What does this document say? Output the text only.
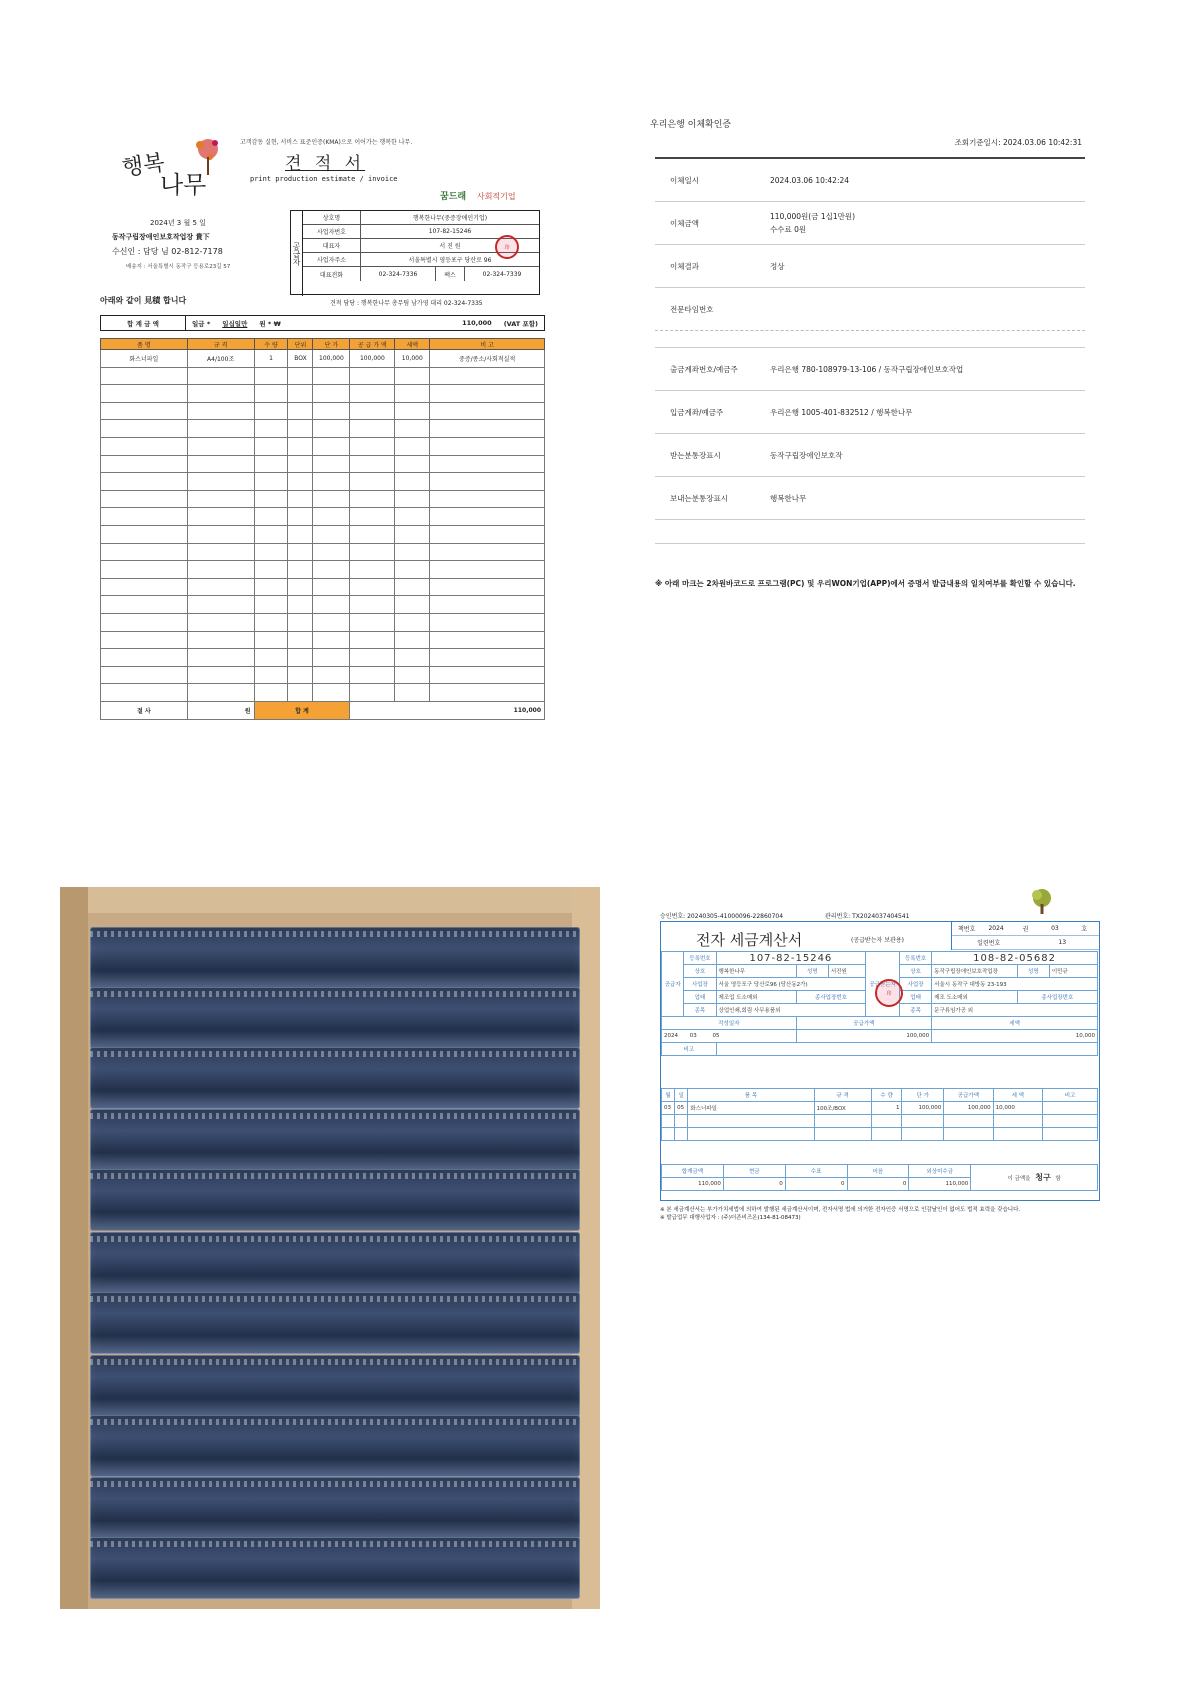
행복
나무
고객감동 실현, 서비스 표준인증(KMA)으로 이어가는 행복한 나무.
견 적 서
print production estimate / invoice
꿈드래 사회적기업
2024년 3 월 5 일
동작구립장애인보호작업장 貴下
수신인 : 담당 님 02-812-7178
배송지 : 서울특별시 동작구 등용로23길 57
아래와 같이 見積 합니다
공급자
상호명	행복한나무(중증장애인기업)
사업자번호	107-82-15246
대표자	서 진 원	印
사업자주소	서울특별시 영등포구 당산로 96
대표전화	02-324-7336	팩스	02-324-7339
견적 담당 : 행복한나무 총무팀 남가영 대리 02-324-7335
합 계 금 액	일금 *	일십일만	원 * ₩	110,000	(VAT 포함)
품 명	규 격	수 량	단위	단 가	공 급 가 액	세액	비 고
화스너파일	A4/100조	1	BOX	100,000	100,000	10,000	중증/종소/사회적실적

절 사	원	합 계			110,000		
우리은행 이체확인증
조회기준일시: 2024.03.06 10:42:31
이체일시	2024.03.06 10:42:24
이체금액
110,000원(금 1십1만원)
수수료 0원
이체결과	정상
전문타임번호
출금계좌번호/예금주	우리은행 780-108979-13-106 / 동작구립장애인보호작업
입금계좌/예금주	우리은행 1005-401-832512 / 행복한나무
받는분통장표시	동작구립장애인보호작
보내는분통장표시	행복한나무
※ 아래 마크는 2차원바코드로 프로그램(PC) 및 우리WON기업(APP)에서 증명서 발급내용의 일치여부를 확인할 수 있습니다.
승인번호: 20240305-41000096-22860704	관리번호: TX2024037404541
전자 세금계산서	(공급받는자 보관용)
책번호	2024	권	03	호
일련번호	13
공급자	등록번호	107-82-15246			공급받는자	등록번호	108-82-05682		
	상호	행복한나무	성명	서진원		상호	동작구립장애인보호작업장	성명	이민규
	사업장	서울 영등포구 당산로96 (당산동2가)				사업장	서울시 동작구 대방동 23-193		
	업태	제조업 도소매외	종사업장번호			업태	제조 도소매외	종사업장번호	
	종목	상업인쇄,회림 사무용품외				종목	문구류임가공 외		
작성일자			공급가액				세액		
2024 03 05			100,000				10,000		
비고									
印
월	일	품 목	규 격	수 량	단 가	공급가액	세 액	비고
03	05	화스너파일	100조/BOX	1	100,000	100,000	10,000	

합계금액	현금	수표	어음	외상미수금	이 금액을 청구 함
110,000	0	0	0	110,000	
※ 본 세금계산서는 부가가치세법에 의하여 발행된 세금계산서이며, 전자서명 법에 의거한 전자인증 서명으로 인감날인이 없어도 법적 효력을 갖습니다.
※ 발급업무 대행사업자 : (주)더존비즈온(134-81-08473)
